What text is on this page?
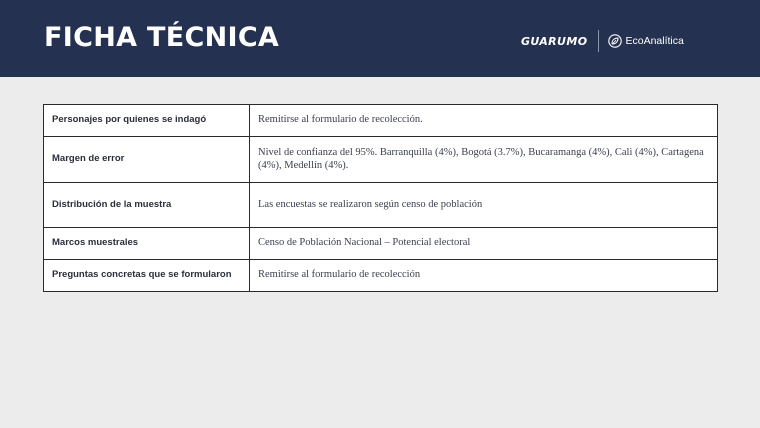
FICHA TÉCNICA	GUARUMO	EcoAnalítica
Personajes por quienes se indagó	Remitirse al formulario de recolección.
Margen de error	Nivel de confianza del 95%. Barranquilla (4%), Bogotá (3.7%), Bucaramanga (4%), Cali (4%), Cartagena (4%), Medellín (4%).
Distribución de la muestra	Las encuestas se realizaron según censo de población
Marcos muestrales	Censo de Población Nacional – Potencial electoral
Preguntas concretas que se formularon	Remitirse al formulario de recolección
